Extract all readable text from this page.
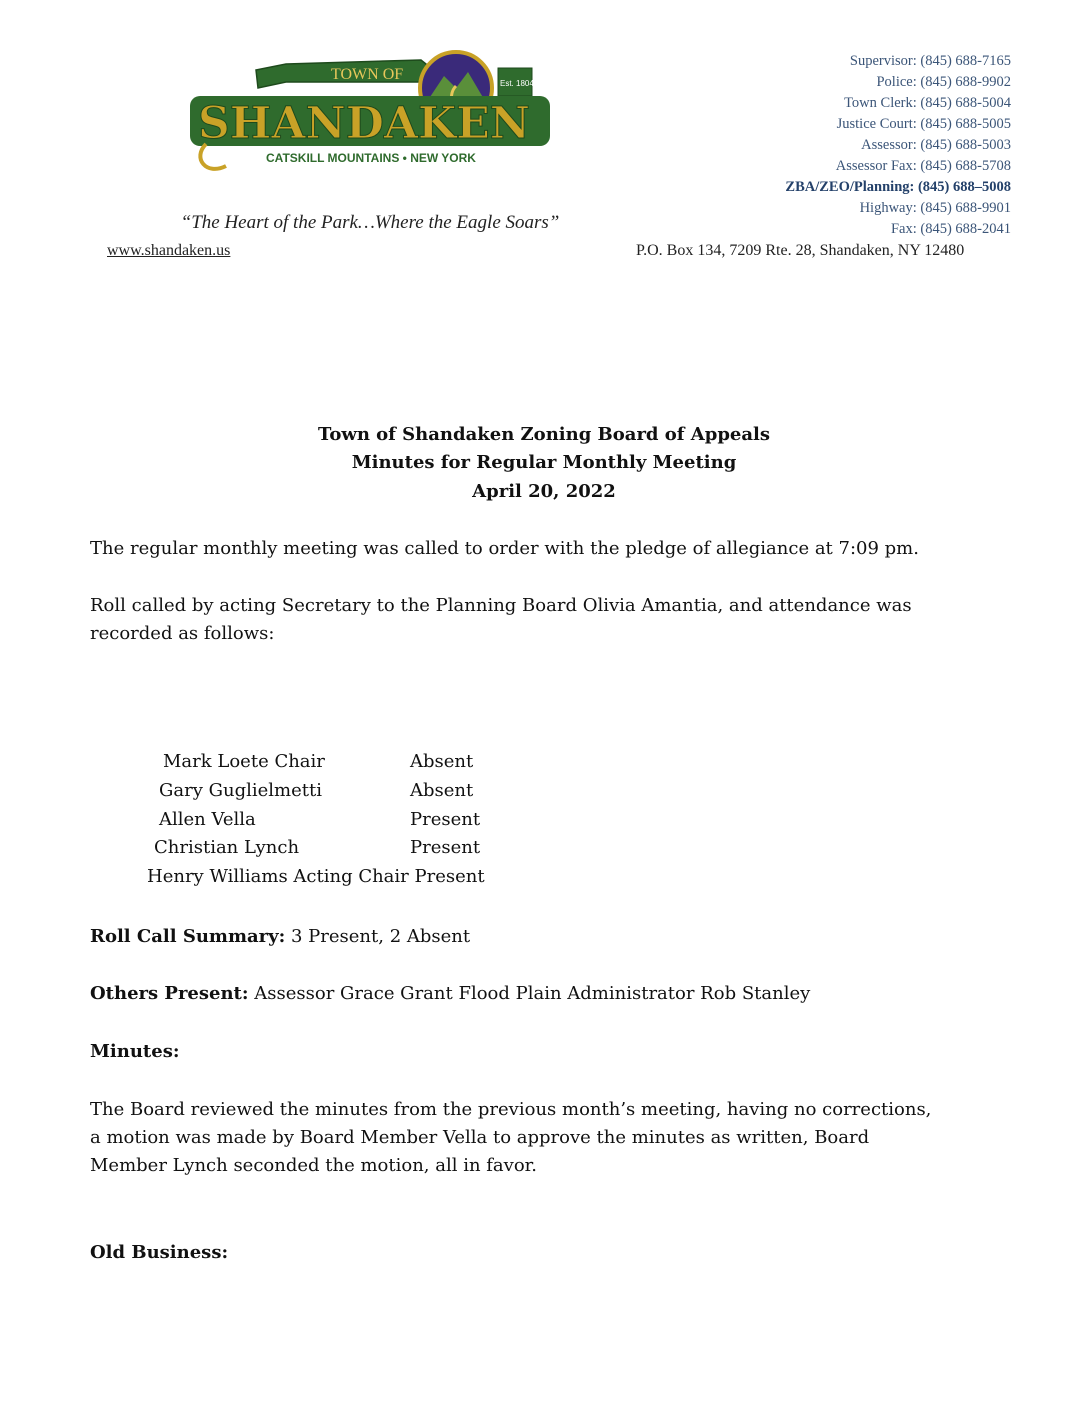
TOWN OF
Est. 1804
SHANDAKEN
CATSKILL MOUNTAINS • NEW YORK
Supervisor: (845) 688-7165
Police: (845) 688-9902
Town Clerk: (845) 688-5004
Justice Court: (845) 688-5005
Assessor: (845) 688-5003
Assessor Fax: (845) 688-5708
ZBA/ZEO/Planning: (845) 688–5008
Highway: (845) 688-9901
Fax: (845) 688-2041
“The Heart of the Park…Where the Eagle Soars”
www.shandaken.us	P.O. Box 134, 7209 Rte. 28, Shandaken, NY 12480
Town of Shandaken Zoning Board of Appeals
Minutes for Regular Monthly Meeting
April 20, 2022
The regular monthly meeting was called to order with the pledge of allegiance at 7:09 pm.
Roll called by acting Secretary to the Planning Board Olivia Amantia, and attendance was
recorded as follows:
Mark Loete Chair	Absent
Gary Guglielmetti	Absent
Allen Vella	Present
Christian Lynch	Present
Henry Williams Acting Chair Present
Roll Call Summary: 3 Present, 2 Absent
Others Present: Assessor Grace Grant Flood Plain Administrator Rob Stanley
Minutes:
The Board reviewed the minutes from the previous month’s meeting, having no corrections,
a motion was made by Board Member Vella to approve the minutes as written, Board
Member Lynch seconded the motion, all in favor.
Old Business:
